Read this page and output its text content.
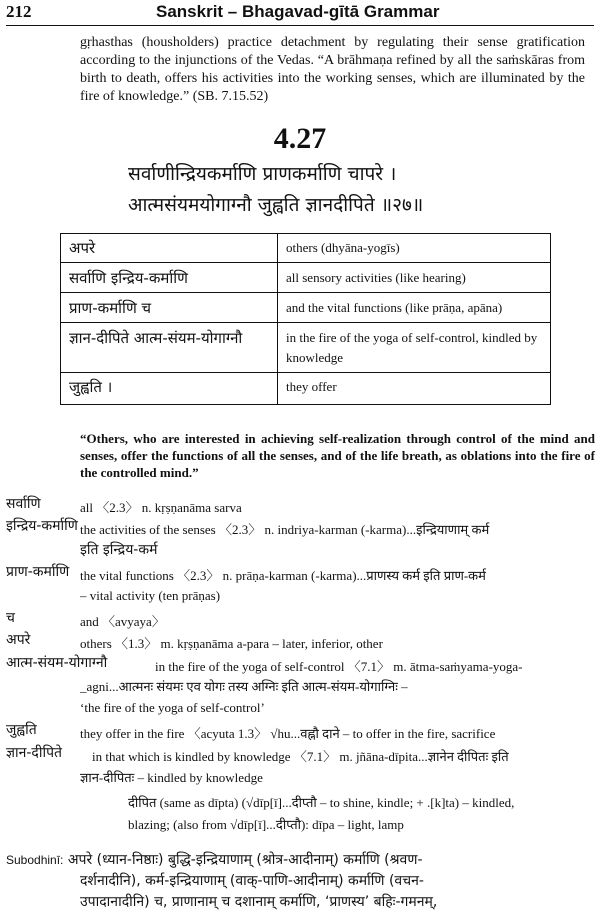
212	Sanskrit – Bhagavad-gītā Grammar
gṛhasthas (housholders) practice detachment by regulating their sense gratification according to the injunctions of the Vedas. “A brāhmaṇa refined by all the saṁskāras from birth to death, offers his activities into the working senses, which are illuminated by the fire of knowledge.” (SB. 7.15.52)
4.27
सर्वाणीन्द्रियकर्माणि प्राणकर्माणि चापरे ।
आत्मसंयमयोगाग्नौ जुह्वति ज्ञानदीपिते ॥२७॥
अपरे	others (dhyāna-yogīs)
सर्वाणि इन्द्रिय-कर्माणि	all sensory activities (like hearing)
प्राण-कर्माणि च	and the vital functions (like prāṇa, apāna)
ज्ञान-दीपिते आत्म-संयम-योगाग्नौ	in the fire of the yoga of self-control, kindled by knowledge
जुह्वति ।	they offer
“Others, who are interested in achieving self-realization through control of the mind and senses, offer the functions of all the senses, and of the life breath, as oblations into the fire of the controlled mind.”
सर्वाणि	all 〈2.3〉 n. kṛṣṇanāma sarva
इन्द्रिय-कर्माणि the activities of the senses 〈2.3〉 n. indriya-karman (-karma)...इन्द्रियाणाम् कर्म
इति इन्द्रिय-कर्म
प्राण-कर्माणि the vital functions 〈2.3〉 n. prāṇa-karman (-karma)...प्राणस्य कर्म इति प्राण-कर्म
– vital activity (ten prāṇas)
च	and 〈avyaya〉
अपरे	others 〈1.3〉 m. kṛṣṇanāma a-para – later, inferior, other
आत्म-संयम-योगाग्नौ	in the fire of the yoga of self-control 〈7.1〉 m. ātma-saṁyama-yoga-
_agni...आत्मनः संयमः एव योगः तस्य अग्निः इति आत्म-संयम-योगाग्निः –
‘the fire of the yoga of self-control’
जुह्वति	they offer in the fire 〈acyuta 1.3〉 √hu...वह्नौ दाने – to offer in the fire, sacrifice
ज्ञान-दीपिते in that which is kindled by knowledge 〈7.1〉 m. jñāna-dīpita...ज्ञानेन दीपितः इति
ज्ञान-दीपितः – kindled by knowledge
दीपित (same as dīpta) (√dīp[ī]...दीप्तौ – to shine, kindle; + .[k]ta) – kindled,
blazing; (also from √dīp[ī]...दीप्तौ): dīpa – light, lamp
Subodhinī: अपरे (ध्यान-निष्ठाः) बुद्धि-इन्द्रियाणाम् (श्रोत्र-आदीनाम्) कर्माणि (श्रवण-
दर्शनादीनि), कर्म-इन्द्रियाणाम् (वाक्-पाणि-आदीनाम्) कर्माणि (वचन-
उपादानादीनि) च, प्राणानाम् च दशानाम् कर्माणि, ‘प्राणस्य’ बहिः-गमनम्,
